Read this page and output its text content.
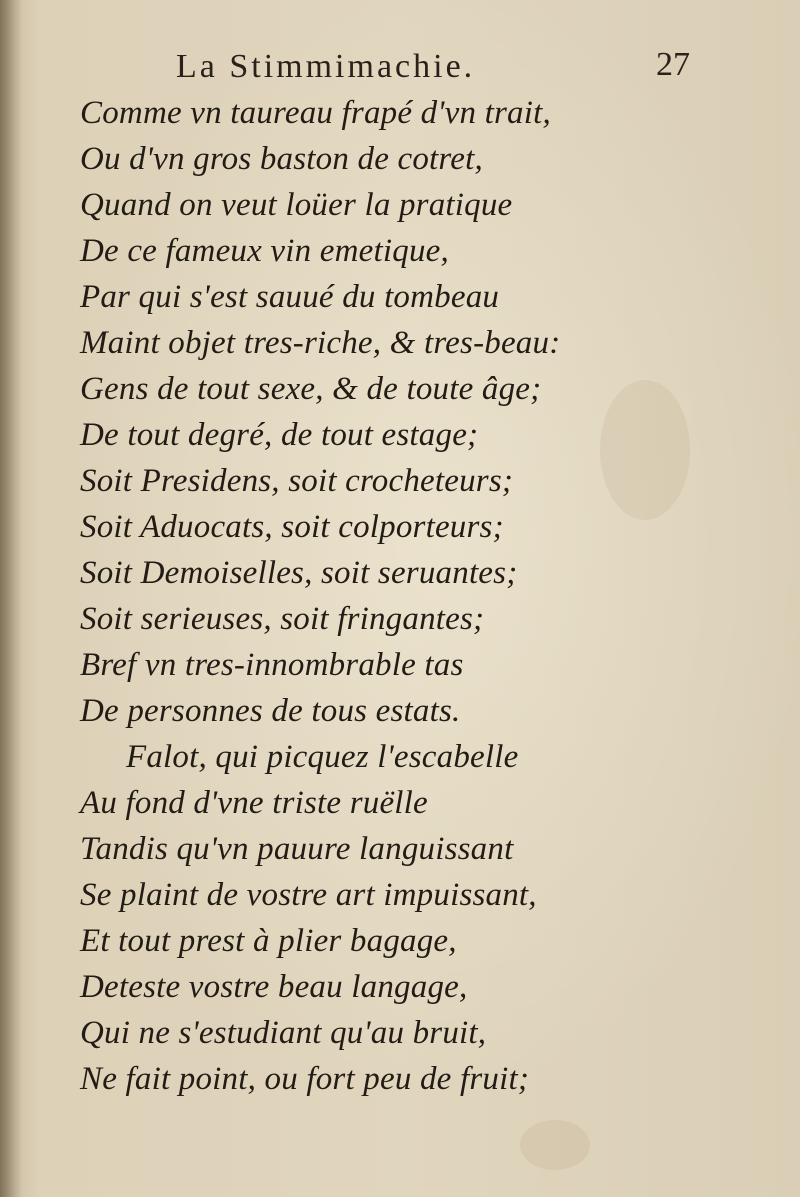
La Stimmimachie.	27
Comme vn taureau frapé d'vn trait,
Ou d'vn gros baston de cotret,
Quand on veut loüer la pratique
De ce fameux vin emetique,
Par qui s'est sauué du tombeau
Maint objet tres-riche, & tres-beau:
Gens de tout sexe, & de toute âge;
De tout degré, de tout estage;
Soit Presidens, soit crocheteurs;
Soit Aduocats, soit colporteurs;
Soit Demoiselles, soit seruantes;
Soit serieuses, soit fringantes;
Bref vn tres-innombrable tas
De personnes de tous estats.
Falot, qui picquez l'escabelle
Au fond d'vne triste ruëlle
Tandis qu'vn pauure languissant
Se plaint de vostre art impuissant,
Et tout prest à plier bagage,
Deteste vostre beau langage,
Qui ne s'estudiant qu'au bruit,
Ne fait point, ou fort peu de fruit;
